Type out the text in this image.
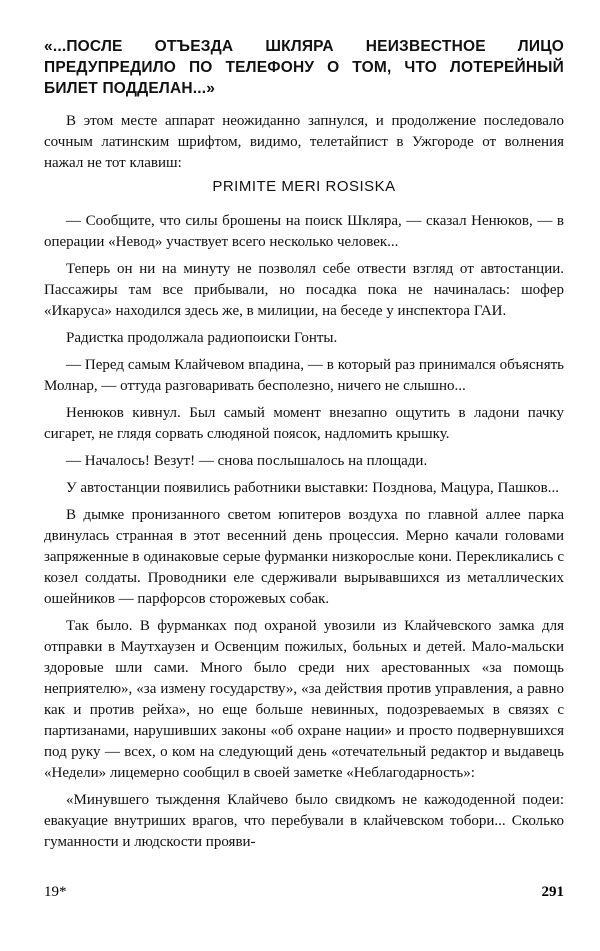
«...ПОСЛЕ ОТЪЕЗДА ШКЛЯРА НЕИЗВЕСТНОЕ ЛИЦО ПРЕДУПРЕДИЛО ПО ТЕЛЕФОНУ О ТОМ, ЧТО ЛОТЕРЕЙНЫЙ БИЛЕТ ПОДДЕЛАН...»

В этом месте аппарат неожиданно запнулся, и продолжение последовало сочным латинским шрифтом, видимо, телетайпист в Ужгороде от волнения нажал не тот клавиш:

PRIMITE MERI ROSISKA

— Сообщите, что силы брошены на поиск Шкляра, — сказал Ненюков, — в операции «Невод» участвует всего несколько человек...

Теперь он ни на минуту не позволял себе отвести взгляд от автостанции. Пассажиры там все прибывали, но посадка пока не начиналась: шофер «Икаруса» находился здесь же, в милиции, на беседе у инспектора ГАИ.

Радистка продолжала радиопоиски Гонты.

— Перед самым Клайчевом впадина, — в который раз принимался объяснять Молнар, — оттуда разговаривать бесполезно, ничего не слышно...

Ненюков кивнул. Был самый момент внезапно ощутить в ладони пачку сигарет, не глядя сорвать слюдяной поясок, надломить крышку.

— Началось! Везут! — снова послышалось на площади.

У автостанции появились работники выставки: Позднова, Мацура, Пашков...

В дымке пронизанного светом юпитеров воздуха по главной аллее парка двинулась странная в этот весенний день процессия. Мерно качали головами запряженные в одинаковые серые фурманки низкорослые кони. Перекликались с козел солдаты. Проводники еле сдерживали вырывавшихся из металлических ошейников — парфорсов сторожевых собак.

Так было. В фурманках под охраной увозили из Клайчевского замка для отправки в Маутхаузен и Освенцим пожилых, больных и детей. Мало-мальски здоровые шли сами. Много было среди них арестованных «за помощь неприятелю», «за измену государству», «за действия против управления, а равно как и против рейха», но еще больше невинных, подозреваемых в связях с партизанами, нарушивших законы «об охране нации» и просто подвернувшихся под руку — всех, о ком на следующий день «отечательный редактор и выдавець «Недели» лицемерно сообщил в своей заметке «Неблагодарность»:

«Минувшего тыждення Клайчево было свидкомъ не кажододенной подеи: евакуацие внутриших врагов, что перебували в клайчевском тобори... Сколько гуманности и людскости прояви-

19*	291
